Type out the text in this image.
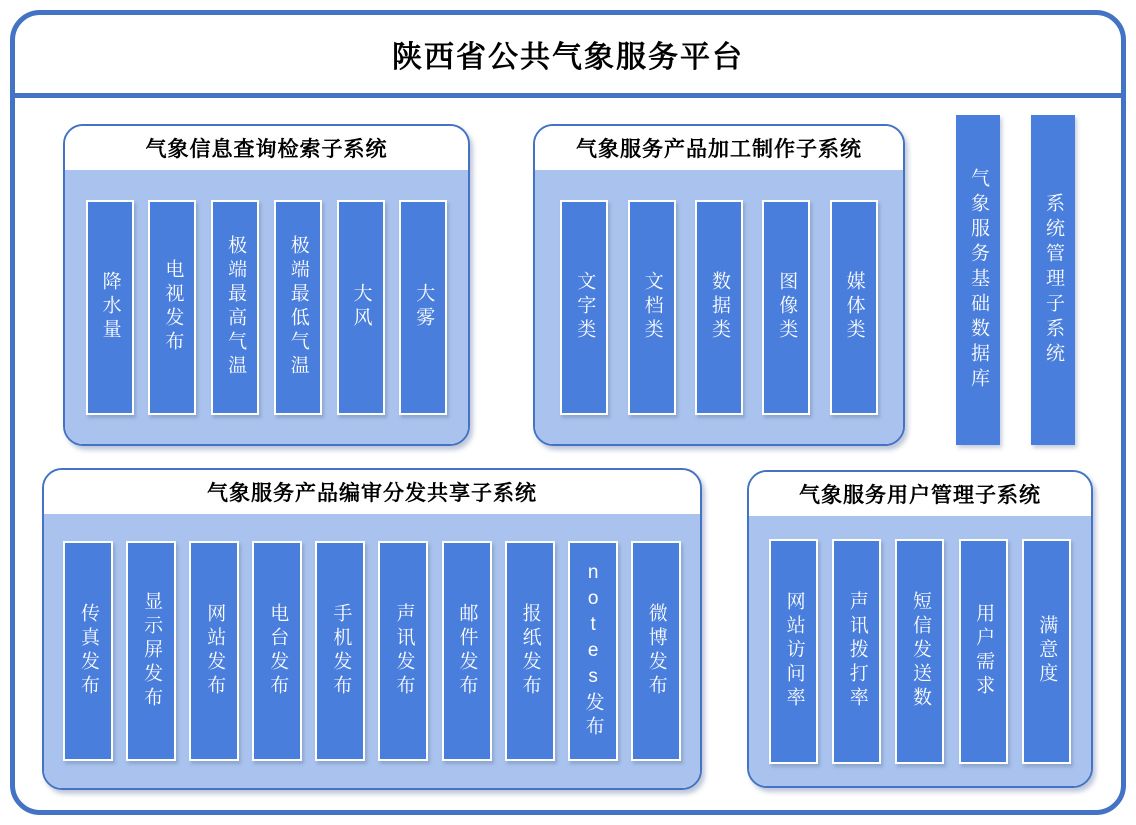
陕西省公共气象服务平台
气象信息查询检索子系统
降水量 电视发布 极端最高气温 极端最低气温 大风 大雾
气象服务产品加工制作子系统
文字类 文档类 数据类 图像类 媒体类
气象服务产品编审分发共享子系统
传真发布 显示屏发布 网站发布 电台发布 手机发布 声讯发布 邮件发布 报纸发布 notes发布 微博发布
气象服务用户管理子系统
网站访问率 声讯拨打率 短信发送数 用户需求 满意度
气象服务基础数据库	系统管理子系统
